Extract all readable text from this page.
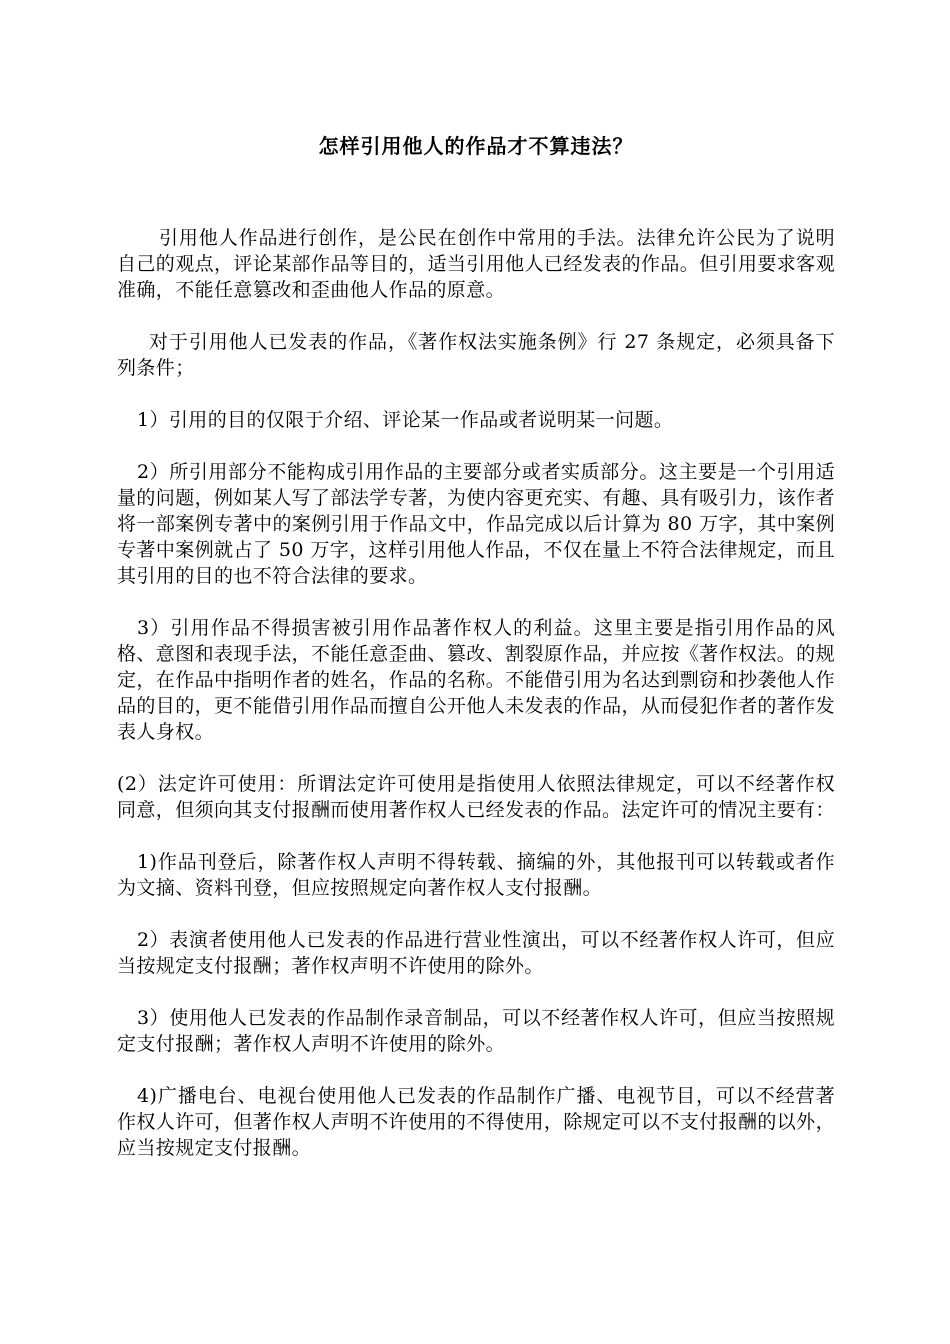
怎样引用他人的作品才不算违法？

引用他人作品进行创作，是公民在创作中常用的手法。法律允许公民为了说明自己的观点，评论某部作品等目的，适当引用他人已经发表的作品。但引用要求客观准确，不能任意篡改和歪曲他人作品的原意。

对于引用他人已发表的作品，《著作权法实施条例》行 27 条规定，必须具备下列条件；

1）引用的目的仅限于介绍、评论某一作品或者说明某一问题。

2）所引用部分不能构成引用作品的主要部分或者实质部分。这主要是一个引用适量的问题，例如某人写了部法学专著，为使内容更充实、有趣、具有吸引力，该作者将一部案例专著中的案例引用于作品文中，作品完成以后计算为 80 万字，其中案例专著中案例就占了 50 万字，这样引用他人作品，不仅在量上不符合法律规定，而且其引用的目的也不符合法律的要求。

3）引用作品不得损害被引用作品著作权人的利益。这里主要是指引用作品的风格、意图和表现手法，不能任意歪曲、篡改、割裂原作品，并应按《著作权法。的规定，在作品中指明作者的姓名，作品的名称。不能借引用为名达到剽窃和抄袭他人作品的目的，更不能借引用作品而擅自公开他人未发表的作品，从而侵犯作者的著作发表人身权。

(2）法定许可使用：所谓法定许可使用是指使用人依照法律规定，可以不经著作权同意，但须向其支付报酬而使用著作权人已经发表的作品。法定许可的情况主要有：

1)作品刊登后，除著作权人声明不得转载、摘编的外，其他报刊可以转载或者作为文摘、资料刊登，但应按照规定向著作权人支付报酬。

2）表演者使用他人已发表的作品进行营业性演出，可以不经著作权人许可，但应当按规定支付报酬；著作权声明不许使用的除外。

3）使用他人已发表的作品制作录音制品，可以不经著作权人许可，但应当按照规定支付报酬；著作权人声明不许使用的除外。

4)广播电台、电视台使用他人已发表的作品制作广播、电视节目，可以不经营著作权人许可，但著作权人声明不许使用的不得使用，除规定可以不支付报酬的以外，应当按规定支付报酬。
